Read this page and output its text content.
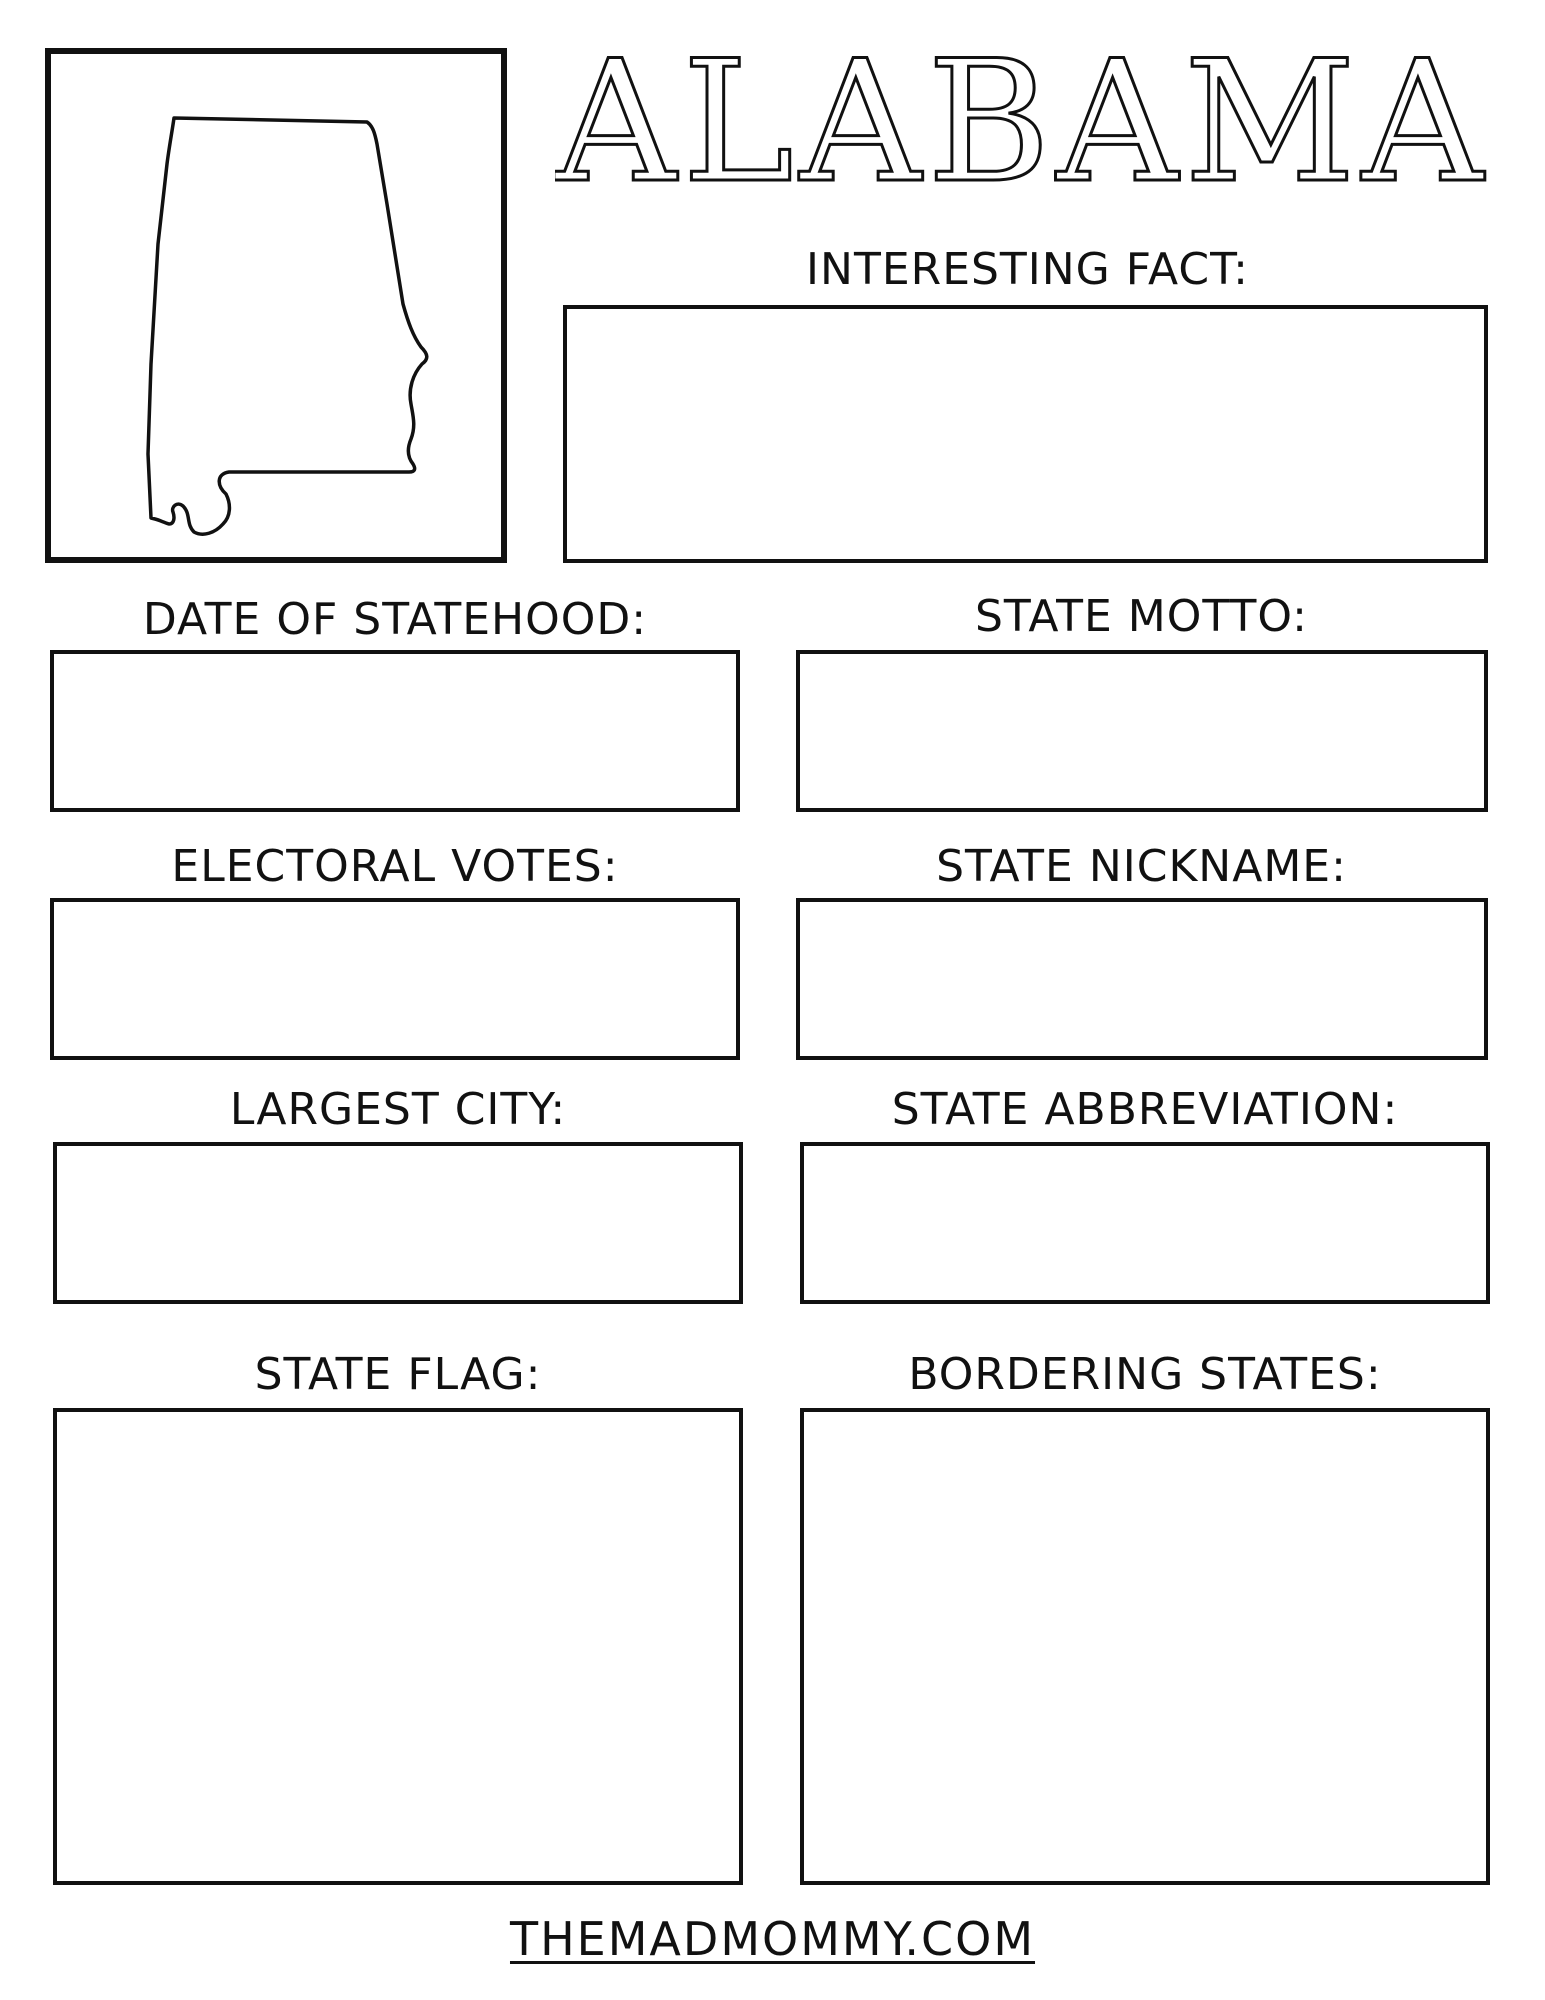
ALABAMA
INTERESTING FACT:
DATE OF STATEHOOD:	STATE MOTTO:
ELECTORAL VOTES:	STATE NICKNAME:
LARGEST CITY:	STATE ABBREVIATION:
STATE FLAG:	BORDERING STATES:
THEMADMOMMY.COM
